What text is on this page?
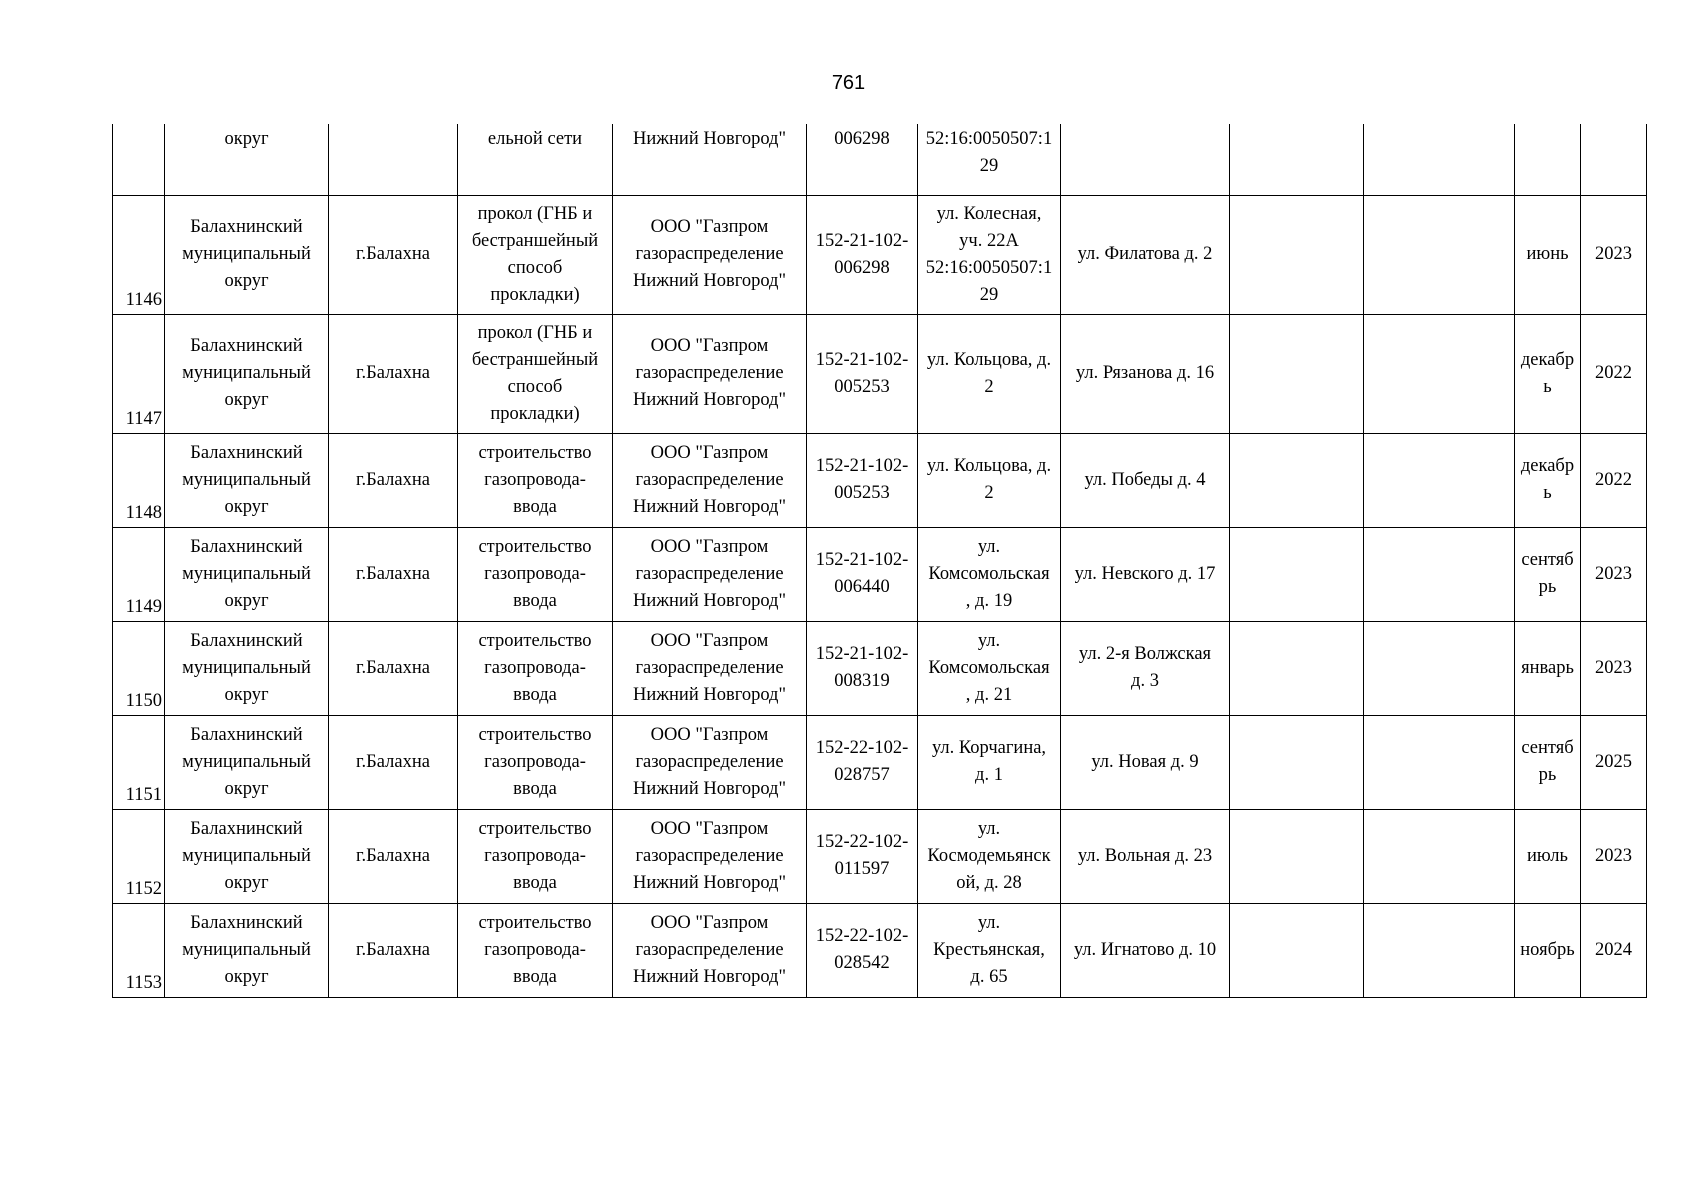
761

	округ		ельной сети	Нижний Новгород"	006298	52:16:0050507:1
29					

1146	Балахнинский
муниципальный
округ	г.Балахна	прокол (ГНБ и
бестраншейный
способ
прокладки)	ООО "Газпром
газораспределение
Нижний Новгород"	152-21-102-
006298	ул. Колесная,
уч. 22А
52:16:0050507:1
29	ул. Филатова д. 2			июнь	2023

1147	Балахнинский
муниципальный
округ	г.Балахна	прокол (ГНБ и
бестраншейный
способ
прокладки)	ООО "Газпром
газораспределение
Нижний Новгород"	152-21-102-
005253	ул. Кольцова, д.
2	ул. Рязанова д. 16			декабр
ь	2022

1148	Балахнинский
муниципальный
округ	г.Балахна	строительство
газопровода-
ввода	ООО "Газпром
газораспределение
Нижний Новгород"	152-21-102-
005253	ул. Кольцова, д.
2	ул. Победы д. 4			декабр
ь	2022

1149	Балахнинский
муниципальный
округ	г.Балахна	строительство
газопровода-
ввода	ООО "Газпром
газораспределение
Нижний Новгород"	152-21-102-
006440	ул.
Комсомольская
, д. 19	ул. Невского д. 17			сентяб
рь	2023

1150	Балахнинский
муниципальный
округ	г.Балахна	строительство
газопровода-
ввода	ООО "Газпром
газораспределение
Нижний Новгород"	152-21-102-
008319	ул.
Комсомольская
, д. 21	ул. 2-я Волжская
д. 3			январь	2023

1151	Балахнинский
муниципальный
округ	г.Балахна	строительство
газопровода-
ввода	ООО "Газпром
газораспределение
Нижний Новгород"	152-22-102-
028757	ул. Корчагина,
д. 1	ул. Новая д. 9			сентяб
рь	2025

1152	Балахнинский
муниципальный
округ	г.Балахна	строительство
газопровода-
ввода	ООО "Газпром
газораспределение
Нижний Новгород"	152-22-102-
011597	ул.
Космодемьянск
ой, д. 28	ул. Вольная д. 23			июль	2023

1153	Балахнинский
муниципальный
округ	г.Балахна	строительство
газопровода-
ввода	ООО "Газпром
газораспределение
Нижний Новгород"	152-22-102-
028542	ул.
Крестьянская,
д. 65	ул. Игнатово д. 10			ноябрь	2024
